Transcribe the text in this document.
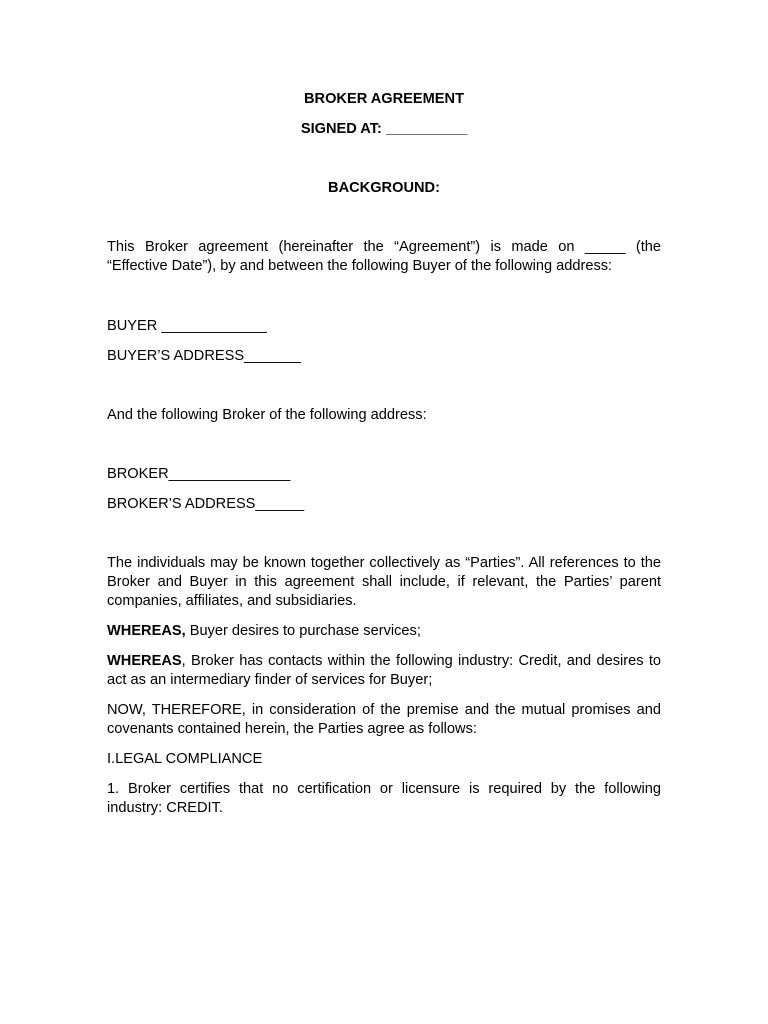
BROKER AGREEMENT

SIGNED AT: __________

BACKGROUND:

This Broker agreement (hereinafter the “Agreement”) is made on _____ (the “Effective Date”), by and between the following Buyer of the following address:

BUYER _____________

BUYER’S ADDRESS_______

And the following Broker of the following address:

BROKER_______________

BROKER’S ADDRESS______

The individuals may be known together collectively as “Parties”. All references to the Broker and Buyer in this agreement shall include, if relevant, the Parties’ parent companies, affiliates, and subsidiaries.

WHEREAS, Buyer desires to purchase services;

WHEREAS, Broker has contacts within the following industry: Credit, and desires to act as an intermediary finder of services for Buyer;

NOW, THEREFORE, in consideration of the premise and the mutual promises and covenants contained herein, the Parties agree as follows:

I.LEGAL COMPLIANCE

1. Broker certifies that no certification or licensure is required by the following industry: CREDIT.
